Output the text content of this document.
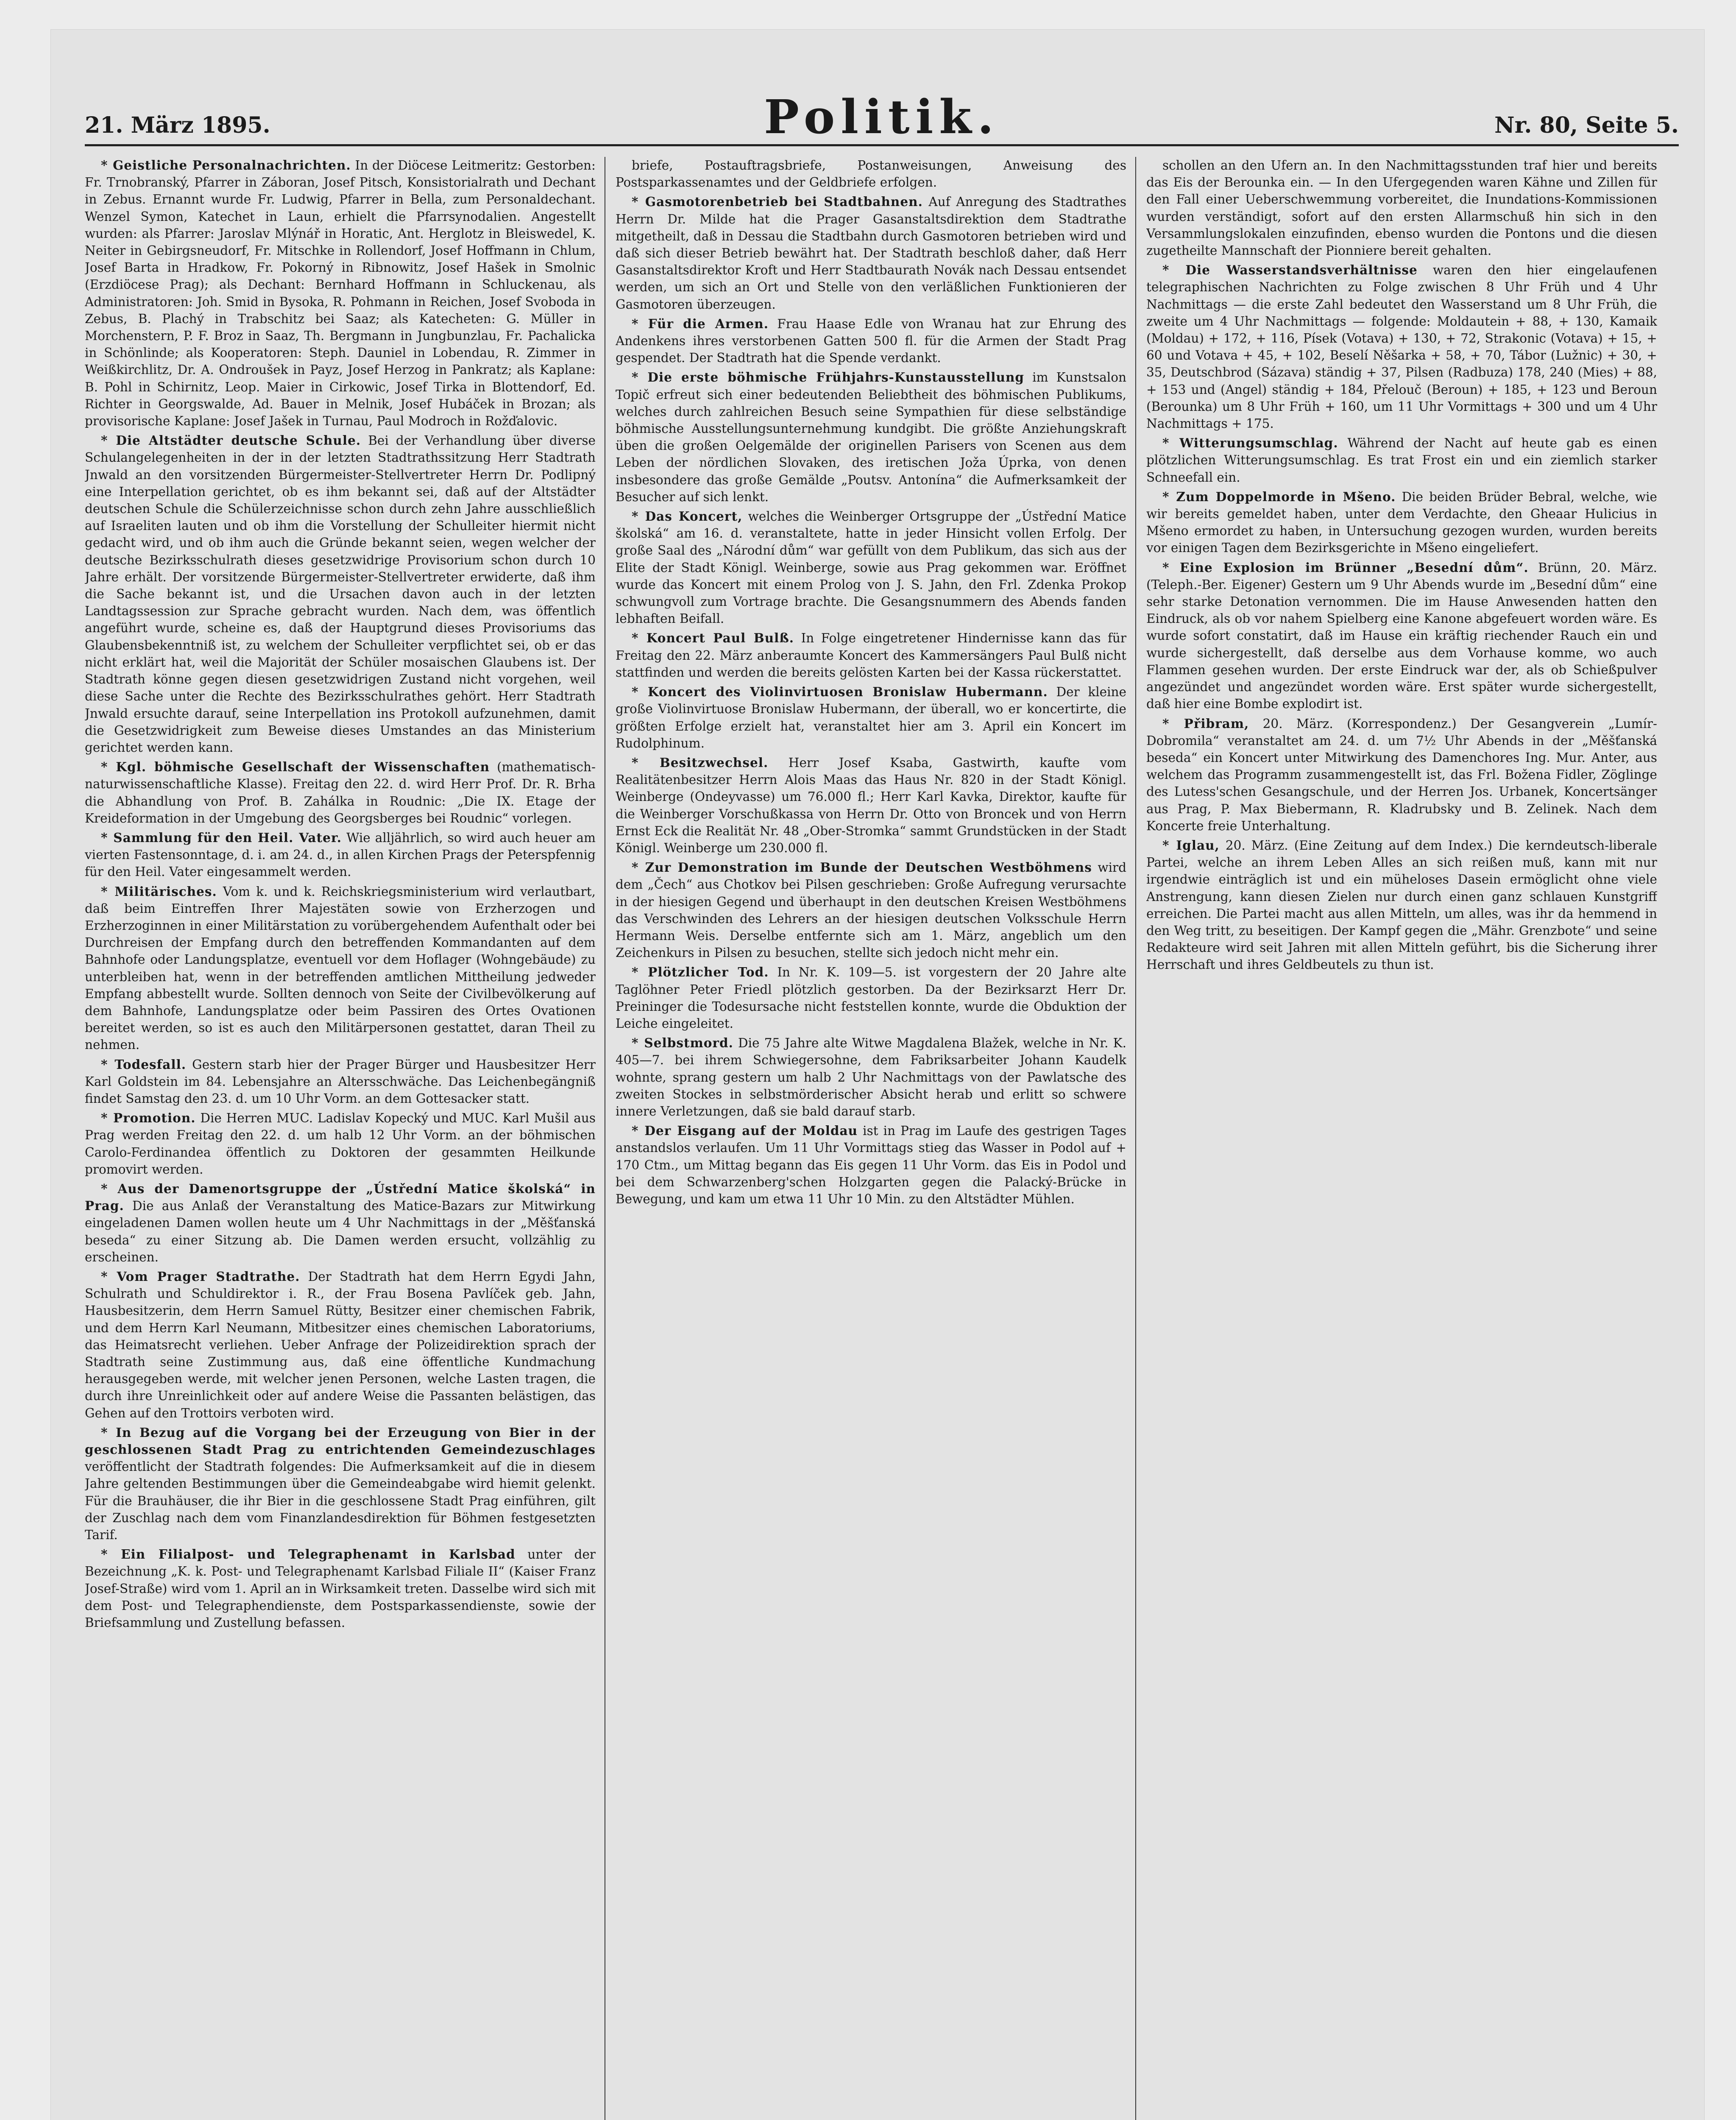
21. März 1895.	Politik.	Nr. 80, Seite 5.

* Geistliche Personalnachrichten. In der Diöcese Leitmeritz: Gestorben: Fr. Trnobranský, Pfarrer in Záboran, Josef Pitsch, Konsistorialrath und Dechant in Zebus. Ernannt wurde Fr. Ludwig, Pfarrer in Bella, zum Personaldechant. Wenzel Symon, Katechet in Laun, erhielt die Pfarrsynodalien. Angestellt wurden: als Pfarrer: Jaroslav Mlýnář in Horatic, Ant. Herglotz in Bleiswedel, K. Neiter in Gebirgsneudorf, Fr. Mitschke in Rollendorf, Josef Hoffmann in Chlum, Josef Barta in Hradkow, Fr. Pokorný in Ribnowitz, Josef Hašek in Smolnic (Erzdiöcese Prag); als Dechant: Bernhard Hoffmann in Schluckenau, als Administratoren: Joh. Smid in Bysoka, R. Pohmann in Reichen, Josef Svoboda in Zebus, B. Plachý in Trabschitz bei Saaz; als Katecheten: G. Müller in Morchenstern, P. F. Broz in Saaz, Th. Bergmann in Jungbunzlau, Fr. Pachalicka in Schönlinde; als Kooperatoren: Steph. Dauniel in Lobendau, R. Zimmer in Weißkirchlitz, Dr. A. Ondroušek in Payz, Josef Herzog in Pankratz; als Kaplane: B. Pohl in Schirnitz, Leop. Maier in Cirkowic, Josef Tirka in Blottendorf, Ed. Richter in Georgswalde, Ad. Bauer in Melnik, Josef Hubáček in Brozan; als provisorische Kaplane: Josef Jašek in Turnau, Paul Modroch in Rožďalovic.

* Die Altstädter deutsche Schule. Bei der Verhandlung über diverse Schulangelegenheiten in der in der letzten Stadtrathssitzung Herr Stadtrath Jnwald an den vorsitzenden Bürgermeister-Stellvertreter Herrn Dr. Podlipný eine Interpellation gerichtet, ob es ihm bekannt sei, daß auf der Altstädter deutschen Schule die Schülerzeichnisse schon durch zehn Jahre ausschließlich auf Israeliten lauten und ob ihm die Vorstellung der Schulleiter hiermit nicht gedacht wird, und ob ihm auch die Gründe bekannt seien, wegen welcher der deutsche Bezirksschulrath dieses gesetzwidrige Provisorium schon durch 10 Jahre erhält. Der vorsitzende Bürgermeister-Stellvertreter erwiderte, daß ihm die Sache bekannt ist, und die Ursachen davon auch in der letzten Landtagssession zur Sprache gebracht wurden. Nach dem, was öffentlich angeführt wurde, scheine es, daß der Hauptgrund dieses Provisoriums das Glaubensbekenntniß ist, zu welchem der Schulleiter verpflichtet sei, ob er das nicht erklärt hat, weil die Majorität der Schüler mosaischen Glaubens ist. Der Stadtrath könne gegen diesen gesetzwidrigen Zustand nicht vorgehen, weil diese Sache unter die Rechte des Bezirksschulrathes gehört. Herr Stadtrath Jnwald ersuchte darauf, seine Interpellation ins Protokoll aufzunehmen, damit die Gesetzwidrigkeit zum Beweise dieses Umstandes an das Ministerium gerichtet werden kann.

* Kgl. böhmische Gesellschaft der Wissenschaften (mathematisch-naturwissenschaftliche Klasse). Freitag den 22. d. wird Herr Prof. Dr. R. Brha die Abhandlung von Prof. B. Zahálka in Roudnic: „Die IX. Etage der Kreideformation in der Umgebung des Georgsberges bei Roudnic“ vorlegen.

* Sammlung für den Heil. Vater. Wie alljährlich, so wird auch heuer am vierten Fastensonntage, d. i. am 24. d., in allen Kirchen Prags der Peterspfennig für den Heil. Vater eingesammelt werden.

* Militärisches. Vom k. und k. Reichskriegsministerium wird verlautbart, daß beim Eintreffen Ihrer Majestäten sowie von Erzherzogen und Erzherzoginnen in einer Militärstation zu vorübergehendem Aufenthalt oder bei Durchreisen der Empfang durch den betreffenden Kommandanten auf dem Bahnhofe oder Landungsplatze, eventuell vor dem Hoflager (Wohngebäude) zu unterbleiben hat, wenn in der betreffenden amtlichen Mittheilung jedweder Empfang abbestellt wurde. Sollten dennoch von Seite der Civilbevölkerung auf dem Bahnhofe, Landungsplatze oder beim Passiren des Ortes Ovationen bereitet werden, so ist es auch den Militärpersonen gestattet, daran Theil zu nehmen.

* Todesfall. Gestern starb hier der Prager Bürger und Hausbesitzer Herr Karl Goldstein im 84. Lebensjahre an Altersschwäche. Das Leichenbegängniß findet Samstag den 23. d. um 10 Uhr Vorm. an dem Gottesacker statt.

* Promotion. Die Herren MUC. Ladislav Kopecký und MUC. Karl Mušil aus Prag werden Freitag den 22. d. um halb 12 Uhr Vorm. an der böhmischen Carolo-Ferdinandea öffentlich zu Doktoren der gesammten Heilkunde promovirt werden.

* Aus der Damenortsgruppe der „Ústřední Matice školská“ in Prag. Die aus Anlaß der Veranstaltung des Matice-Bazars zur Mitwirkung eingeladenen Damen wollen heute um 4 Uhr Nachmittags in der „Měšťanská beseda“ zu einer Sitzung ab. Die Damen werden ersucht, vollzählig zu erscheinen.

* Vom Prager Stadtrathe. Der Stadtrath hat dem Herrn Egydi Jahn, Schulrath und Schuldirektor i. R., der Frau Bosena Pavlíček geb. Jahn, Hausbesitzerin, dem Herrn Samuel Rütty, Besitzer einer chemischen Fabrik, und dem Herrn Karl Neumann, Mitbesitzer eines chemischen Laboratoriums, das Heimatsrecht verliehen. Ueber Anfrage der Polizeidirektion sprach der Stadtrath seine Zustimmung aus, daß eine öffentliche Kundmachung herausgegeben werde, mit welcher jenen Personen, welche Lasten tragen, die durch ihre Unreinlichkeit oder auf andere Weise die Passanten belästigen, das Gehen auf den Trottoirs verboten wird.

* In Bezug auf die Vorgang bei der Erzeugung von Bier in der geschlossenen Stadt Prag zu entrichtenden Gemeindezuschlages veröffentlicht der Stadtrath folgendes: Die Aufmerksamkeit auf die in diesem Jahre geltenden Bestimmungen über die Gemeindeabgabe wird hiemit gelenkt. Für die Brauhäuser, die ihr Bier in die geschlossene Stadt Prag einführen, gilt der Zuschlag nach dem vom Finanzlandesdirektion für Böhmen festgesetzten Tarif.

* Ein Filialpost- und Telegraphenamt in Karlsbad unter der Bezeichnung „K. k. Post- und Telegraphenamt Karlsbad Filiale II“ (Kaiser Franz Josef-Straße) wird vom 1. April an in Wirksamkeit treten. Dasselbe wird sich mit dem Post- und Telegraphendienste, dem Postsparkassendienste, sowie der Briefsammlung und Zustellung befassen.

briefe, Postauftragsbriefe, Postanweisungen, Anweisung des Postsparkassenamtes und der Geldbriefe erfolgen.

* Gasmotorenbetrieb bei Stadtbahnen. Auf Anregung des Stadtrathes Herrn Dr. Milde hat die Prager Gasanstaltsdirektion dem Stadtrathe mitgetheilt, daß in Dessau die Stadtbahn durch Gasmotoren betrieben wird und daß sich dieser Betrieb bewährt hat. Der Stadtrath beschloß daher, daß Herr Gasanstaltsdirektor Kroft und Herr Stadtbaurath Novák nach Dessau entsendet werden, um sich an Ort und Stelle von den verläßlichen Funktionieren der Gasmotoren überzeugen.

* Für die Armen. Frau Haase Edle von Wranau hat zur Ehrung des Andenkens ihres verstorbenen Gatten 500 fl. für die Armen der Stadt Prag gespendet. Der Stadtrath hat die Spende verdankt.

* Die erste böhmische Frühjahrs-Kunstausstellung im Kunstsalon Topič erfreut sich einer bedeutenden Beliebtheit des böhmischen Publikums, welches durch zahlreichen Besuch seine Sympathien für diese selbständige böhmische Ausstellungsunternehmung kundgibt. Die größte Anziehungskraft üben die großen Oelgemälde der originellen Parisers von Scenen aus dem Leben der nördlichen Slovaken, des iretischen Joža Úprka, von denen insbesondere das große Gemälde „Poutsv. Antonína“ die Aufmerksamkeit der Besucher auf sich lenkt.

* Das Koncert, welches die Weinberger Ortsgruppe der „Ústřední Matice školská“ am 16. d. veranstaltete, hatte in jeder Hinsicht vollen Erfolg. Der große Saal des „Národní dům“ war gefüllt von dem Publikum, das sich aus der Elite der Stadt Königl. Weinberge, sowie aus Prag gekommen war. Eröffnet wurde das Koncert mit einem Prolog von J. S. Jahn, den Frl. Zdenka Prokop schwungvoll zum Vortrage brachte. Die Gesangsnummern des Abends fanden lebhaften Beifall.

* Koncert Paul Bulß. In Folge eingetretener Hindernisse kann das für Freitag den 22. März anberaumte Koncert des Kammersängers Paul Bulß nicht stattfinden und werden die bereits gelösten Karten bei der Kassa rückerstattet.

* Koncert des Violinvirtuosen Bronislaw Hubermann. Der kleine große Violinvirtuose Bronislaw Hubermann, der überall, wo er koncertirte, die größten Erfolge erzielt hat, veranstaltet hier am 3. April ein Koncert im Rudolphinum.

* Besitzwechsel. Herr Josef Ksaba, Gastwirth, kaufte vom Realitätenbesitzer Herrn Alois Maas das Haus Nr. 820 in der Stadt Königl. Weinberge (Ondeyvasse) um 76.000 fl.; Herr Karl Kavka, Direktor, kaufte für die Weinberger Vorschußkassa von Herrn Dr. Otto von Broncek und von Herrn Ernst Eck die Realität Nr. 48 „Ober-Stromka“ sammt Grundstücken in der Stadt Königl. Weinberge um 230.000 fl.

* Zur Demonstration im Bunde der Deutschen Westböhmens wird dem „Čech“ aus Chotkov bei Pilsen geschrieben: Große Aufregung verursachte in der hiesigen Gegend und überhaupt in den deutschen Kreisen Westböhmens das Verschwinden des Lehrers an der hiesigen deutschen Volksschule Herrn Hermann Weis. Derselbe entfernte sich am 1. März, angeblich um den Zeichenkurs in Pilsen zu besuchen, stellte sich jedoch nicht mehr ein.

* Plötzlicher Tod. In Nr. K. 109—5. ist vorgestern der 20 Jahre alte Taglöhner Peter Friedl plötzlich gestorben. Da der Bezirksarzt Herr Dr. Preininger die Todesursache nicht feststellen konnte, wurde die Obduktion der Leiche eingeleitet.

* Selbstmord. Die 75 Jahre alte Witwe Magdalena Blažek, welche in Nr. K. 405—7. bei ihrem Schwiegersohne, dem Fabriksarbeiter Johann Kaudelk wohnte, sprang gestern um halb 2 Uhr Nachmittags von der Pawlatsche des zweiten Stockes in selbstmörderischer Absicht herab und erlitt so schwere innere Verletzungen, daß sie bald darauf starb.

* Der Eisgang auf der Moldau ist in Prag im Laufe des gestrigen Tages anstandslos verlaufen. Um 11 Uhr Vormittags stieg das Wasser in Podol auf + 170 Ctm., um Mittag begann das Eis gegen 11 Uhr Vorm. das Eis in Podol und bei dem Schwarzenberg'schen Holzgarten gegen die Palacký-Brücke in Bewegung, und kam um etwa 11 Uhr 10 Min. zu den Altstädter Mühlen.

schollen an den Ufern an. In den Nachmittagsstunden traf hier und bereits das Eis der Berounka ein. — In den Ufergegenden waren Kähne und Zillen für den Fall einer Ueberschwemmung vorbereitet, die Inundations-Kommissionen wurden verständigt, sofort auf den ersten Allarmschuß hin sich in den Versammlungslokalen einzufinden, ebenso wurden die Pontons und die diesen zugetheilte Mannschaft der Pionniere bereit gehalten.

* Die Wasserstandsverhältnisse waren den hier eingelaufenen telegraphischen Nachrichten zu Folge zwischen 8 Uhr Früh und 4 Uhr Nachmittags — die erste Zahl bedeutet den Wasserstand um 8 Uhr Früh, die zweite um 4 Uhr Nachmittags — folgende: Moldautein + 88, + 130, Kamaik (Moldau) + 172, + 116, Písek (Votava) + 130, + 72, Strakonic (Votava) + 15, + 60 und Votava + 45, + 102, Beselí Něšarka + 58, + 70, Tábor (Lužnic) + 30, + 35, Deutschbrod (Sázava) ständig + 37, Pilsen (Radbuza) 178, 240 (Mies) + 88, + 153 und (Angel) ständig + 184, Přelouč (Beroun) + 185, + 123 und Beroun (Berounka) um 8 Uhr Früh + 160, um 11 Uhr Vormittags + 300 und um 4 Uhr Nachmittags + 175.

* Witterungsumschlag. Während der Nacht auf heute gab es einen plötzlichen Witterungsumschlag. Es trat Frost ein und ein ziemlich starker Schneefall ein.

* Zum Doppelmorde in Mšeno. Die beiden Brüder Bebral, welche, wie wir bereits gemeldet haben, unter dem Verdachte, den Gheaar Hulicius in Mšeno ermordet zu haben, in Untersuchung gezogen wurden, wurden bereits vor einigen Tagen dem Bezirksgerichte in Mšeno eingeliefert.

* Eine Explosion im Brünner „Besední dům“. Brünn, 20. März. (Teleph.-Ber. Eigener) Gestern um 9 Uhr Abends wurde im „Besední dům“ eine sehr starke Detonation vernommen. Die im Hause Anwesenden hatten den Eindruck, als ob vor nahem Spielberg eine Kanone abgefeuert worden wäre. Es wurde sofort constatirt, daß im Hause ein kräftig riechender Rauch ein und wurde sichergestellt, daß derselbe aus dem Vorhause komme, wo auch Flammen gesehen wurden. Der erste Eindruck war der, als ob Schießpulver angezündet und angezündet worden wäre. Erst später wurde sichergestellt, daß hier eine Bombe explodirt ist.

* Přibram, 20. März. (Korrespondenz.) Der Gesangverein „Lumír-Dobromila“ veranstaltet am 24. d. um 7½ Uhr Abends in der „Měšťanská beseda“ ein Koncert unter Mitwirkung des Damenchores Ing. Mur. Anter, aus welchem das Programm zusammengestellt ist, das Frl. Božena Fidler, Zöglinge des Lutess'schen Gesangschule, und der Herren Jos. Urbanek, Koncertsänger aus Prag, P. Max Biebermann, R. Kladrubsky und B. Zelinek. Nach dem Koncerte freie Unterhaltung.

* Iglau, 20. März. (Eine Zeitung auf dem Index.) Die kerndeutsch-liberale Partei, welche an ihrem Leben Alles an sich reißen muß, kann mit nur irgendwie einträglich ist und ein müheloses Dasein ermöglicht ohne viele Anstrengung, kann diesen Zielen nur durch einen ganz schlauen Kunstgriff erreichen. Die Partei macht aus allen Mitteln, um alles, was ihr da hemmend in den Weg tritt, zu beseitigen. Der Kampf gegen die „Mähr. Grenzbote“ und seine Redakteure wird seit Jahren mit allen Mitteln geführt, bis die Sicherung ihrer Herrschaft und ihres Geldbeutels zu thun ist.
